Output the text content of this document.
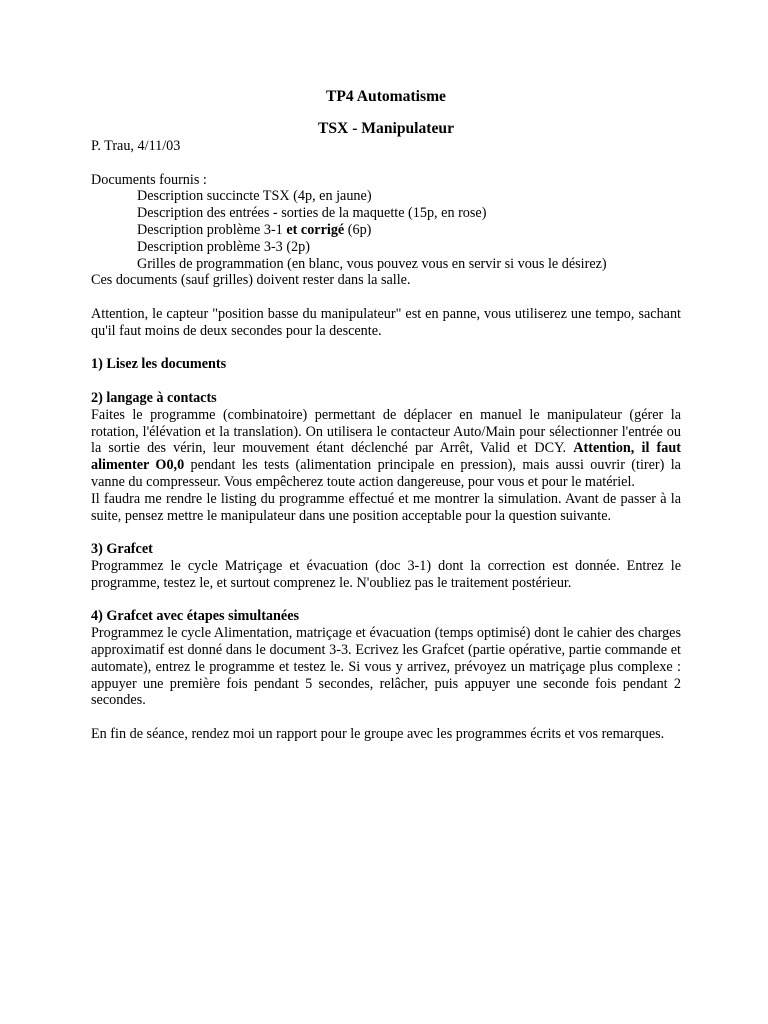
TP4 Automatisme

TSX - Manipulateur

P. Trau, 4/11/03

Documents fournis :

Description succincte TSX (4p, en jaune)

Description des entrées - sorties de la maquette (15p, en rose)

Description problème 3-1 et corrigé (6p)

Description problème 3-3 (2p)

Grilles de programmation (en blanc, vous pouvez vous en servir si vous le désirez)

Ces documents (sauf grilles) doivent rester dans la salle.

Attention, le capteur "position basse du manipulateur" est en panne, vous utiliserez une tempo, sachant qu'il faut moins de deux secondes pour la descente.

1) Lisez les documents

2) langage à contacts

Faites le programme (combinatoire) permettant de déplacer en manuel le manipulateur (gérer la rotation, l'élévation et la translation). On utilisera le contacteur Auto/Main pour sélectionner l'entrée ou la sortie des vérin, leur mouvement étant déclenché par Arrêt, Valid et DCY. Attention, il faut alimenter O0,0 pendant les tests (alimentation principale en pression), mais aussi ouvrir (tirer) la vanne du compresseur. Vous empêcherez toute action dangereuse, pour vous et pour le matériel.

Il faudra me rendre le listing du programme effectué et me montrer la simulation. Avant de passer à la suite, pensez mettre le manipulateur dans une position acceptable pour la question suivante.

3) Grafcet

Programmez le cycle Matriçage et évacuation (doc 3-1) dont la correction est donnée. Entrez le programme, testez le, et surtout comprenez le. N'oubliez pas le traitement postérieur.

4) Grafcet avec étapes simultanées

Programmez le cycle Alimentation, matriçage et évacuation (temps optimisé) dont le cahier des charges approximatif est donné dans le document 3-3. Ecrivez les Grafcet (partie opérative, partie commande et automate), entrez le programme et testez le. Si vous y arrivez, prévoyez un matriçage plus complexe : appuyer une première fois pendant 5 secondes, relâcher, puis appuyer une seconde fois pendant 2 secondes.

En fin de séance, rendez moi un rapport pour le groupe avec les programmes écrits et vos remarques.
